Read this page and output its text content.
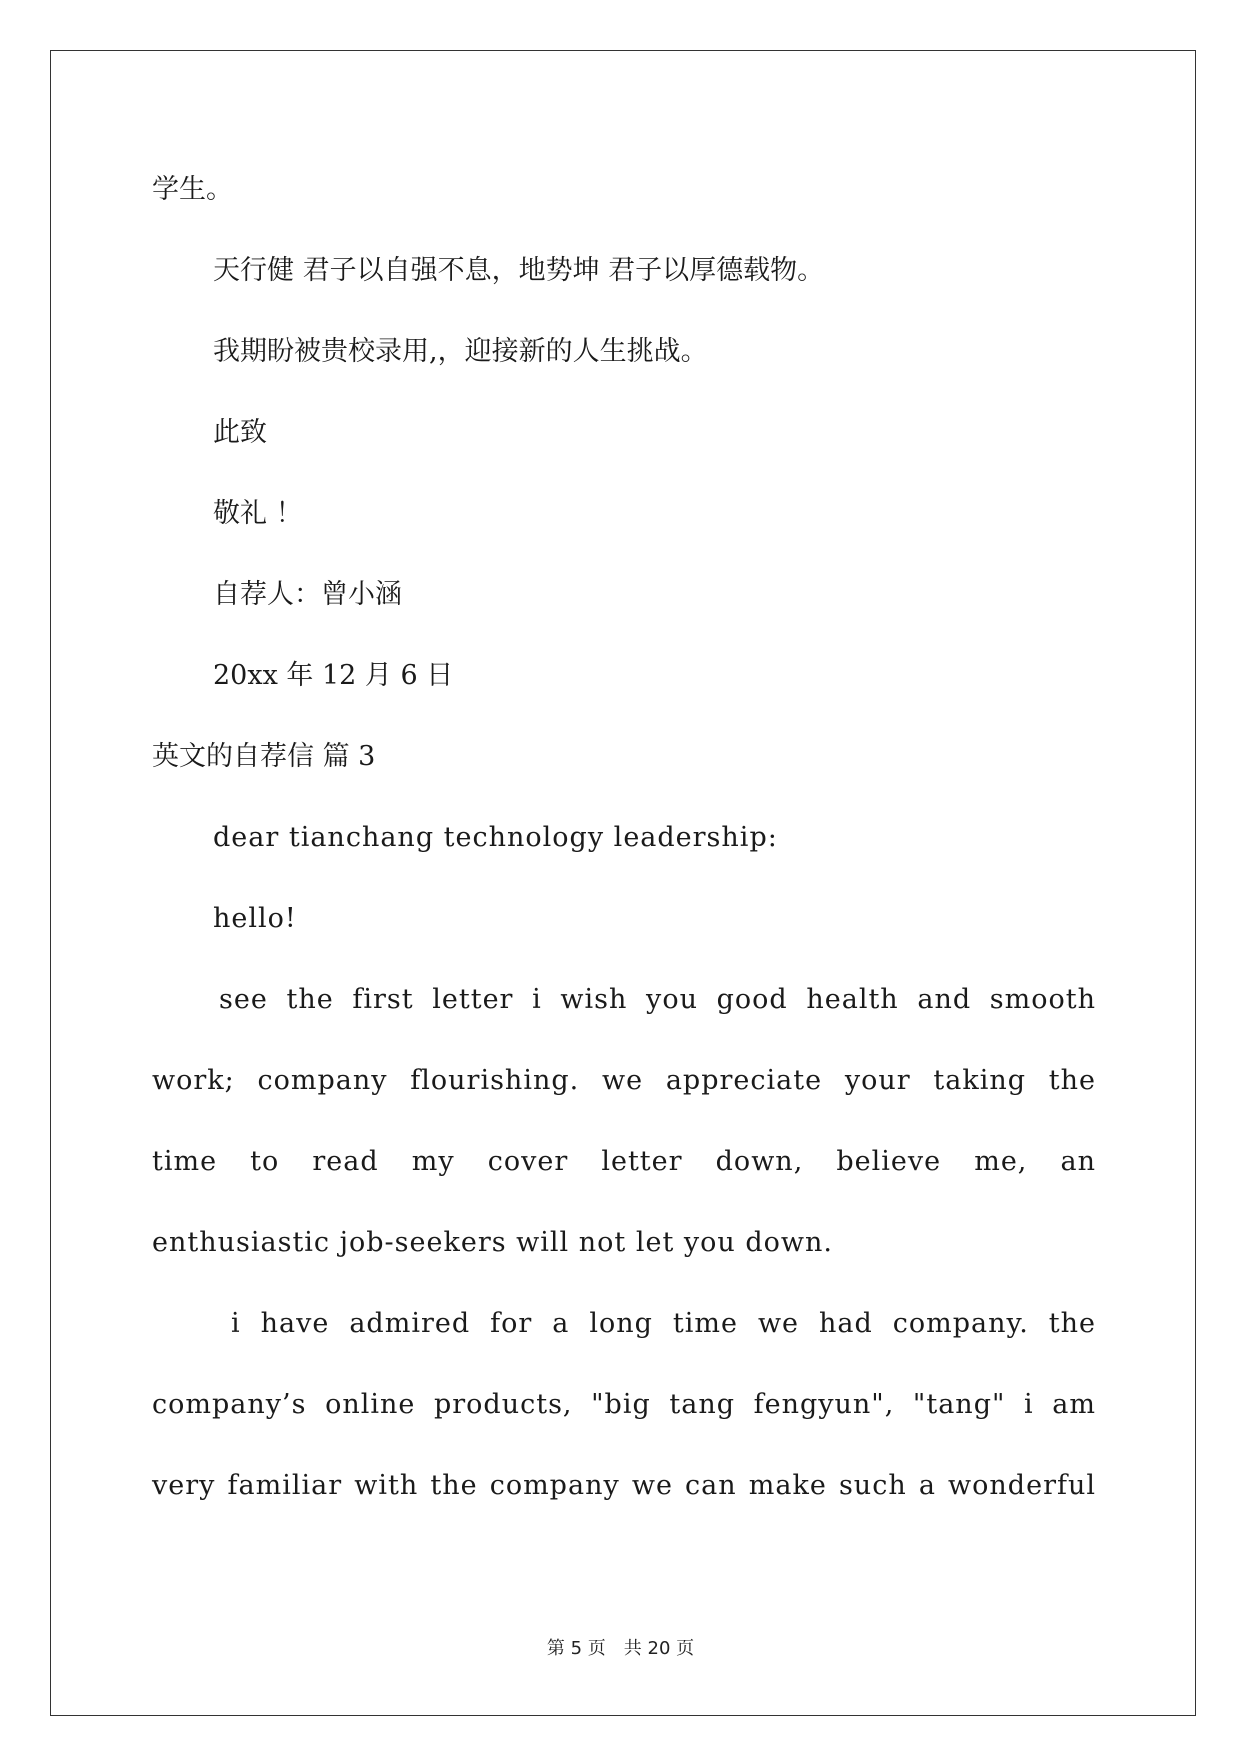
学生。
天行健 君子以自强不息，地势坤 君子以厚德载物。
我期盼被贵校录用,，迎接新的人生挑战。
此致
敬礼 ！
自荐人：曾小涵
20xx 年 12 月 6 日
英文的自荐信 篇 3
dear tianchang technology leadership:
hello!
see the first letter i wish you good health and smooth
work; company flourishing. we appreciate your taking the
time to read my cover letter down, believe me, an
enthusiastic job-seekers will not let you down.
i have admired for a long time we had company. the
company’s online products, "big tang fengyun", "tang" i am
very familiar with the company we can make such a wonderful
第 5 页 共 20 页
